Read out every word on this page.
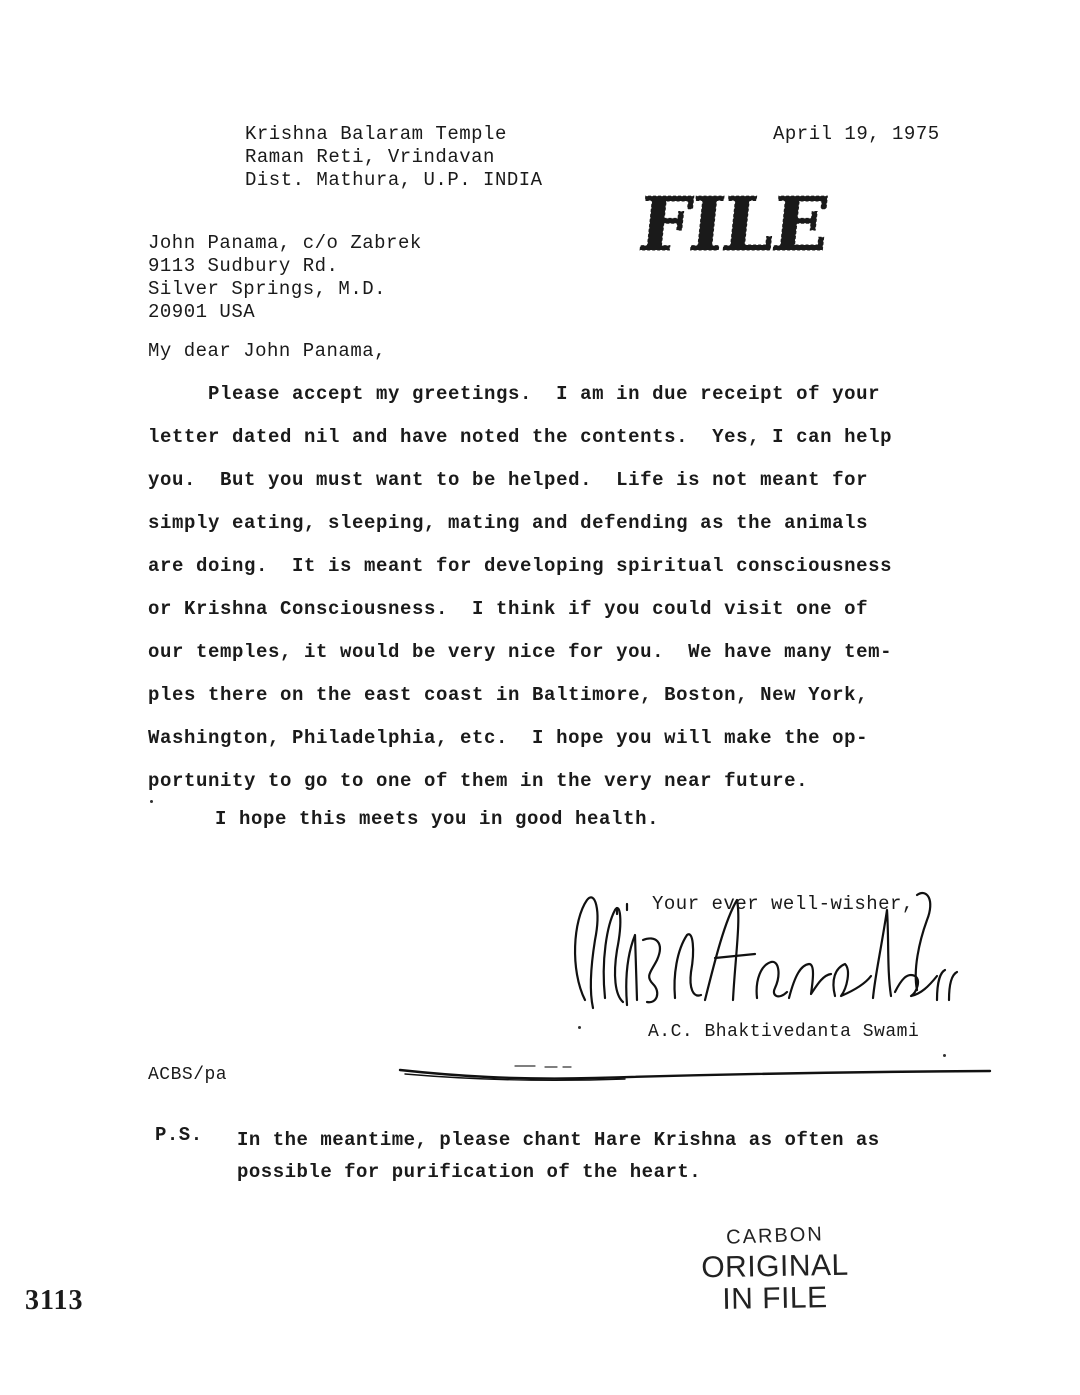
Krishna Balaram Temple
Raman Reti, Vrindavan
Dist. Mathura, U.P. INDIA
April 19, 1975
FILE
John Panama, c/o Zabrek
9113 Sudbury Rd.
Silver Springs, M.D.
20901 USA
My dear John Panama,
Please accept my greetings.  I am in due receipt of your
letter dated nil and have noted the contents.  Yes, I can help
you.  But you must want to be helped.  Life is not meant for
simply eating, sleeping, mating and defending as the animals
are doing.  It is meant for developing spiritual consciousness
or Krishna Consciousness.  I think if you could visit one of
our temples, it would be very nice for you.  We have many tem-
ples there on the east coast in Baltimore, Boston, New York,
Washington, Philadelphia, etc.  I hope you will make the op-
portunity to go to one of them in the very near future.
I hope this meets you in good health.
Your ever well-wisher,
A.C. Bhaktivedanta Swami
ACBS/pa
P.S. In the meantime, please chant Hare Krishna as often as
possible for purification of the heart.
CARBON
ORIGINAL
IN FILE
3113
